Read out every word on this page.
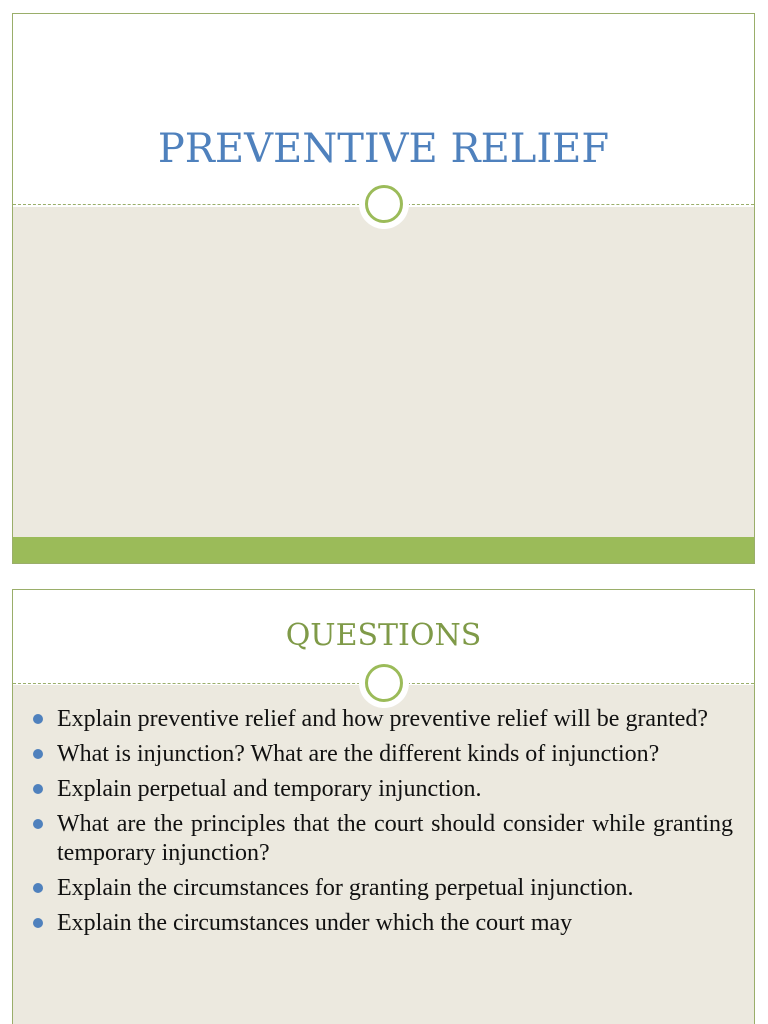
PREVENTIVE RELIEF
QUESTIONS
Explain preventive relief and how preventive relief will be granted?
What is injunction? What are the different kinds of injunction?
Explain perpetual and temporary injunction.
What are the principles that the court should consider while granting temporary injunction?
Explain the circumstances for granting perpetual injunction.
Explain the circumstances under which the court may
